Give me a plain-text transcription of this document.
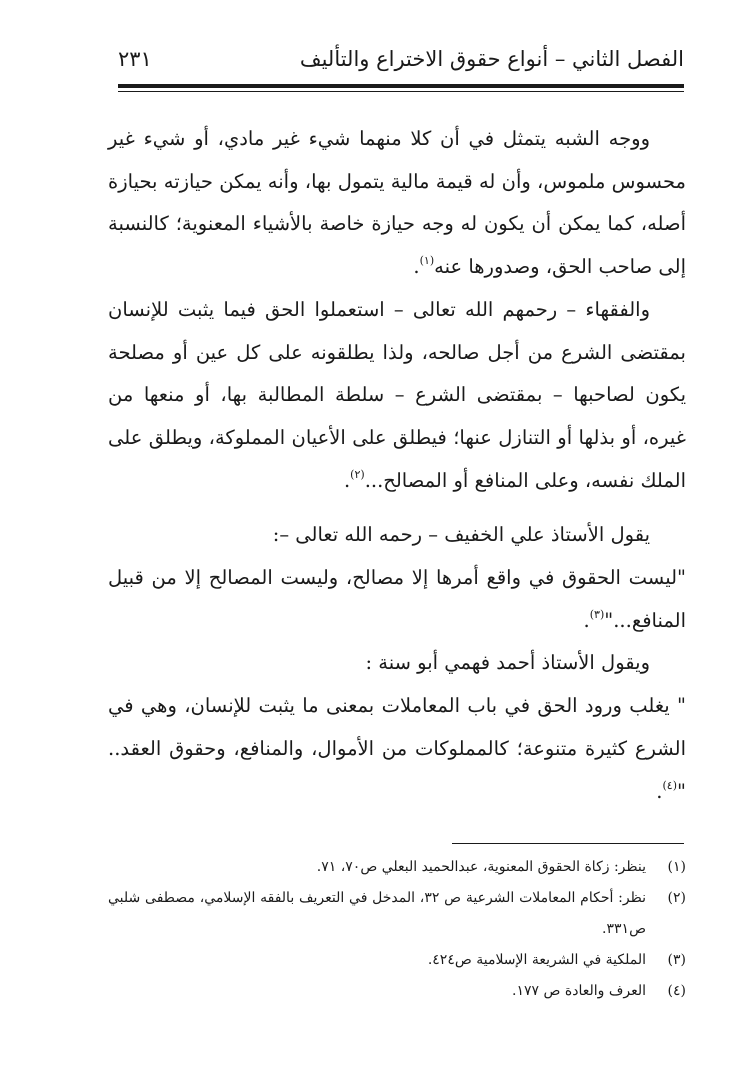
الفصل الثاني – أنواع حقوق الاختراع والتأليف
٢٣١

ووجه الشبه يتمثل في أن كلا منهما شيء غير مادي، أو شيء غير محسوس ملموس، وأن له قيمة مالية يتمول بها، وأنه يمكن حيازته بحيازة أصله، كما يمكن أن يكون له وجه حيازة خاصة بالأشياء المعنوية؛ كالنسبة إلى صاحب الحق، وصدورها عنه$^{(١)}$.

والفقهاء – رحمهم الله تعالى – استعملوا الحق فيما يثبت للإنسان بمقتضى الشرع من أجل صالحه، ولذا يطلقونه على كل عين أو مصلحة يكون لصاحبها – بمقتضى الشرع – سلطة المطالبة بها، أو منعها من غيره، أو بذلها أو التنازل عنها؛ فيطلق على الأعيان المملوكة، ويطلق على الملك نفسه، وعلى المنافع أو المصالح...$^{(٢)}$.

يقول الأستاذ علي الخفيف – رحمه الله تعالى –:

"ليست الحقوق في واقع أمرها إلا مصالح، وليست المصالح إلا من قبيل المنافع..."$^{(٣)}$.

ويقول الأستاذ أحمد فهمي أبو سنة :

" يغلب ورود الحق في باب المعاملات بمعنى ما يثبت للإنسان، وهي في الشرع كثيرة متنوعة؛ كالمملوكات من الأموال، والمنافع، وحقوق العقد.. "$^{(٤)}$.

(١)
ينظر: زكاة الحقوق المعنوية، عبدالحميد البعلي ص٧٠، ٧١.
(٢)
نظر: أحكام المعاملات الشرعية ص ٣٢، المدخل في التعريف بالفقه الإسلامي، مصطفى شلبي ص٣٣١.
(٣)
الملكية في الشريعة الإسلامية ص٤٢٤.
(٤)
العرف والعادة ص ١٧٧.
